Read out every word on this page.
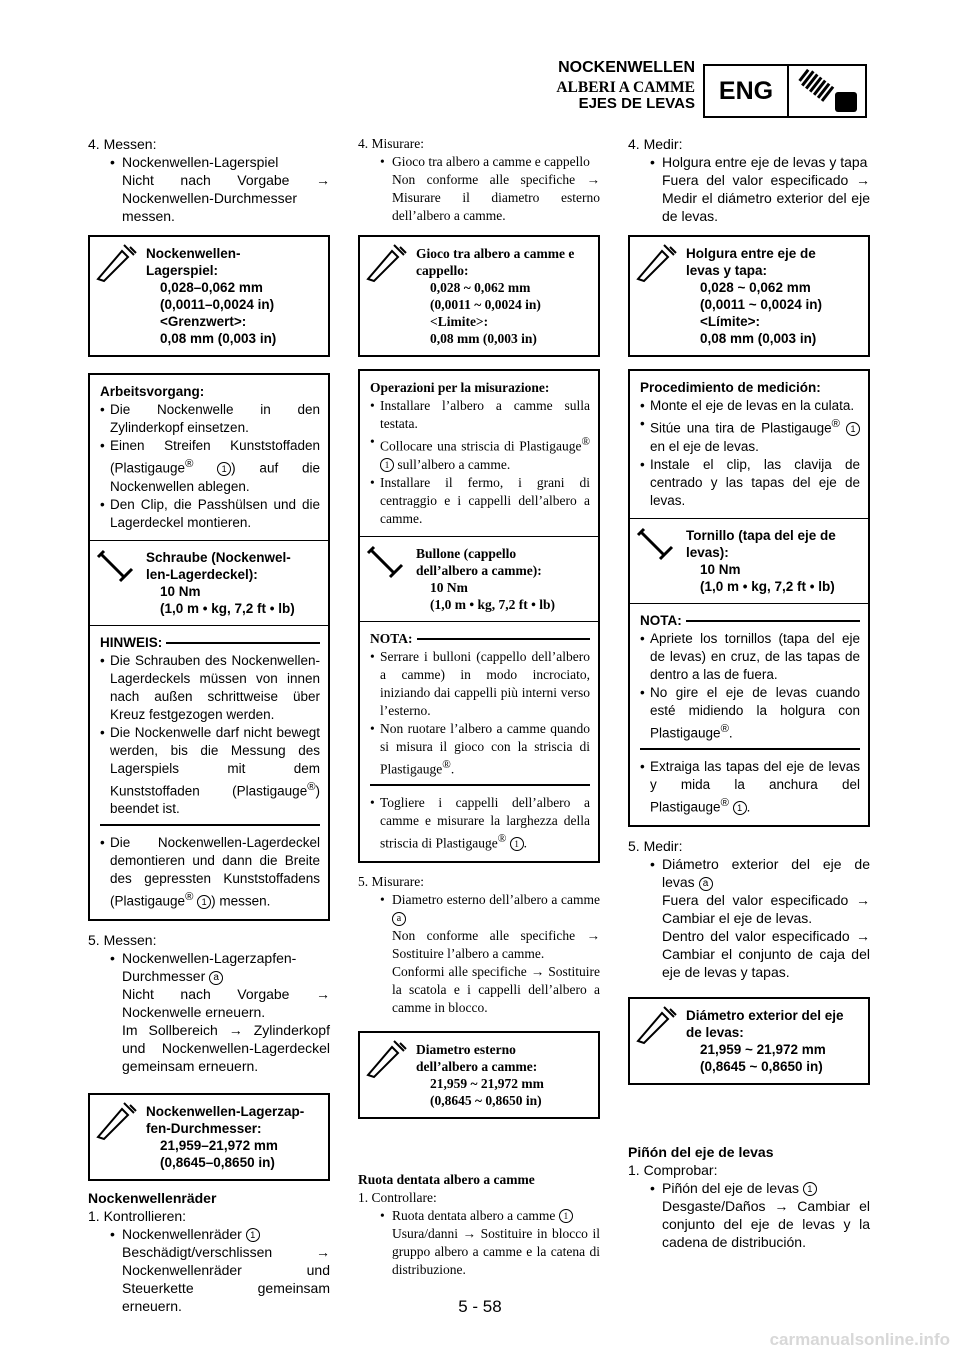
NOCKENWELLEN
ALBERI A CAMME
EJES DE LEVAS ENG

4. Messen:

• Nockenwellen-Lagerspiel

Nicht nach Vorgabe → Nockenwellen-Durchmesser messen.

Nockenwellen-
Lagerspiel:
0,028–0,062 mm
(0,0011–0,0024 in)
<Grenzwert>:
0,08 mm (0,003 in)
Arbeitsvorgang:
• Die Nockenwelle in den Zylinderkopf einsetzen.
• Einen Streifen Kunststoffaden (Plastigauge®	1 ) auf die Nockenwellen ablegen.
• Den Clip, die Passhülsen und die Lagerdeckel montieren.
Schraube (Nockenwel-
len-Lagerdeckel):
10 Nm
(1,0 m • kg, 7,2 ft • lb)
HINWEIS:
• Die Schrauben des Nockenwellen-Lagerdeckels müssen von innen nach außen schrittweise über Kreuz festgezogen werden.
• Die Nockenwelle darf nicht bewegt werden, bis die Messung des Lagerspiels mit dem Kunststoffaden (Plastigauge®) beendet ist.
• Die Nockenwellen-Lagerdeckel demontieren und dann die Breite des gepressten Kunststoffadens (Plastigauge® 1 ) messen.

5. Messen:

• Nockenwellen-Lagerzapfen-Durchmesser a

Nicht nach Vorgabe → Nockenwelle erneuern.

Im Sollbereich → Zylinderkopf und Nockenwellen-Lagerdeckel gemeinsam erneuern.

Nockenwellen-Lagerzap-
fen-Durchmesser:
21,959–21,972 mm
(0,8645–0,8650 in)

Nockenwellenräder

1. Kontrollieren:

• Nockenwellenräder 1

Beschädigt/verschlissen → Nockenwellenräder und Steuerkette gemeinsam erneuern.

4. Misurare:

• Gioco tra albero a camme e cappello

Non conforme alle specifiche → Misurare il diametro esterno dell’albero a camme.

Gioco tra albero a camme e
cappello:
0,028 ~ 0,062 mm
(0,0011 ~ 0,0024 in)
<Limite>:
0,08 mm (0,003 in)
Operazioni per la misurazione:
• Installare l’albero a camme sulla testata.
• Collocare una striscia di Plastigauge® 1 sull’albero a camme.
• Installare il fermo, i grani di centraggio e i cappelli dell’albero a camme.
Bullone (cappello
dell’albero a camme):
10 Nm
(1,0 m • kg, 7,2 ft • lb)
NOTA:
• Serrare i bulloni (cappello dell’albero a camme) in modo incrociato, iniziando dai cappelli più interni verso l’esterno.
• Non ruotare l’albero a camme quando si misura il gioco con la striscia di Plastigauge®.
• Togliere i cappelli dell’albero a camme e misurare la larghezza della striscia di Plastigauge® 1 .

5. Misurare:

• Diametro esterno dell’albero a camme a

Non conforme alle specifiche → Sostituire l’albero a camme.

Conformi alle specifiche → Sostituire la scatola e i cappelli dell’albero a camme in blocco.

Diametro esterno
dell’albero a camme:
21,959 ~ 21,972 mm
(0,8645 ~ 0,8650 in)

Ruota dentata albero a camme

1. Controllare:

• Ruota dentata albero a camme 1

Usura/danni → Sostituire in blocco il gruppo albero a camme e la catena di distribuzione.

4. Medir:

• Holgura entre eje de levas y tapa

Fuera del valor especificado → Medir el diámetro exterior del eje de levas.

Holgura entre eje de
levas y tapa:
0,028 ~ 0,062 mm
(0,0011 ~ 0,0024 in)
<Límite>:
0,08 mm (0,003 in)
Procedimiento de medición:
• Monte el eje de levas en la culata.
• Sitúe una tira de Plastigauge® 1 en el eje de levas.
• Instale el clip, las clavija de centrado y las tapas del eje de levas.
Tornillo (tapa del eje de
levas):
10 Nm
(1,0 m • kg, 7,2 ft • lb)
NOTA:
• Apriete los tornillos (tapa del eje de levas) en cruz, de las tapas de dentro a las de fuera.
• No gire el eje de levas cuando esté midiendo la holgura con Plastigauge®.
• Extraiga las tapas del eje de levas y mida la anchura del Plastigauge® 1 .

5. Medir:

• Diámetro exterior del eje de levas a

Fuera del valor especificado → Cambiar el eje de levas.

Dentro del valor especificado → Cambiar el conjunto de caja del eje de levas y tapas.

Diámetro exterior del eje
de levas:
21,959 ~ 21,972 mm
(0,8645 ~ 0,8650 in)

Piñón del eje de levas

1. Comprobar:

• Piñón del eje de levas 1

Desgaste/Daños → Cambiar el conjunto del eje de levas y la cadena de distribución.

5 - 58
carmanualsonline.info
